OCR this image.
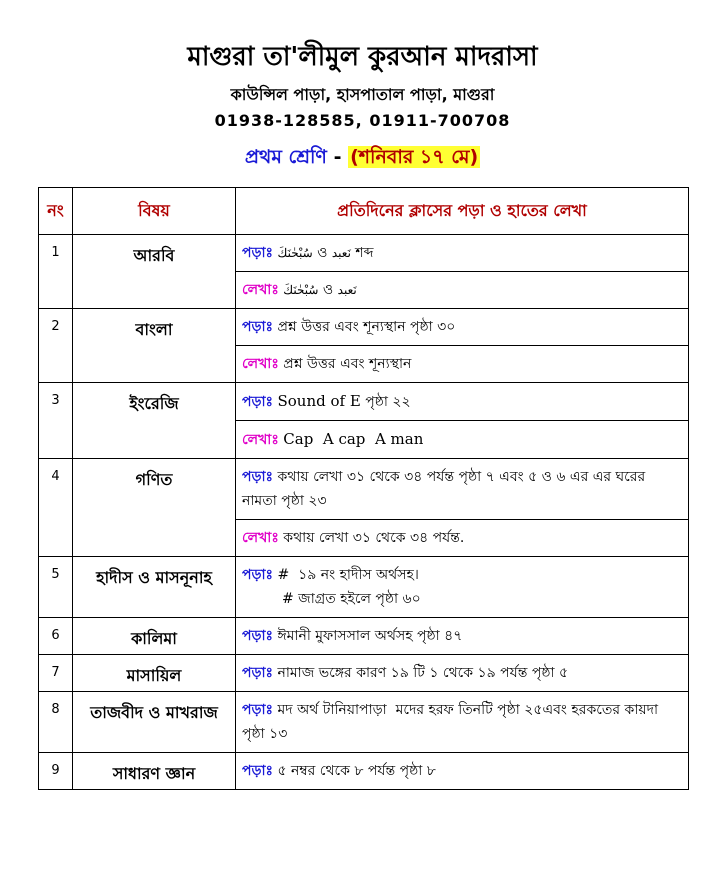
মাগুরা তা'লীমুল কুরআন মাদরাসা
কাউন্সিল পাড়া, হাসপাতাল পাড়া, মাগুরা
01938-128585, 01911-700708
প্রথম শ্রেণি - (শনিবার ১৭ মে)
নং	বিষয়	প্রতিদিনের ক্লাসের পড়া ও হাতের লেখা
1	আরবি		পড়াঃ سُبْحٰنَكَ ও نَعبد শব্দ
লেখাঃ سُبْحٰنَكَ ও نَعبد

2	বাংলা		পড়াঃ প্রশ্ন উত্তর এবং শূন্যস্থান পৃষ্ঠা ৩০
লেখাঃ প্রশ্ন উত্তর এবং শূন্যস্থান

3	ইংরেজি		পড়াঃ Sound of E পৃষ্ঠা ২২
লেখাঃ Cap  A cap  A man

4	গণিত		পড়াঃ কথায় লেখা ৩১ থেকে ৩৪ পর্যন্ত পৃষ্ঠা ৭ এবং ৫ ও ৬ এর এর ঘরের নামতা পৃষ্ঠা ২৩
লেখাঃ কথায় লেখা ৩১ থেকে ৩৪ পর্যন্ত.

5	হাদীস ও মাসনূনাহ	পড়াঃ #  ১৯ নং হাদীস অর্থসহ।
# জাগ্রত হইলে পৃষ্ঠা ৬০

6	কালিমা		পড়াঃ ঈমানী মুফাসসাল অর্থসহ পৃষ্ঠা ৪৭

7	মাসায়িল		পড়াঃ নামাজ ভঙ্গের কারণ ১৯ টি ১ থেকে ১৯ পর্যন্ত পৃষ্ঠা ৫

8	তাজবীদ ও মাখরাজ	পড়াঃ মদ অর্থ টানিয়াপাড়া  মদের হরফ তিনটি পৃষ্ঠা ২৫এবং হরকতের কায়দা পৃষ্ঠা ১৩

9	সাধারণ জ্ঞান		পড়াঃ ৫ নম্বর থেকে ৮ পর্যন্ত পৃষ্ঠা ৮
